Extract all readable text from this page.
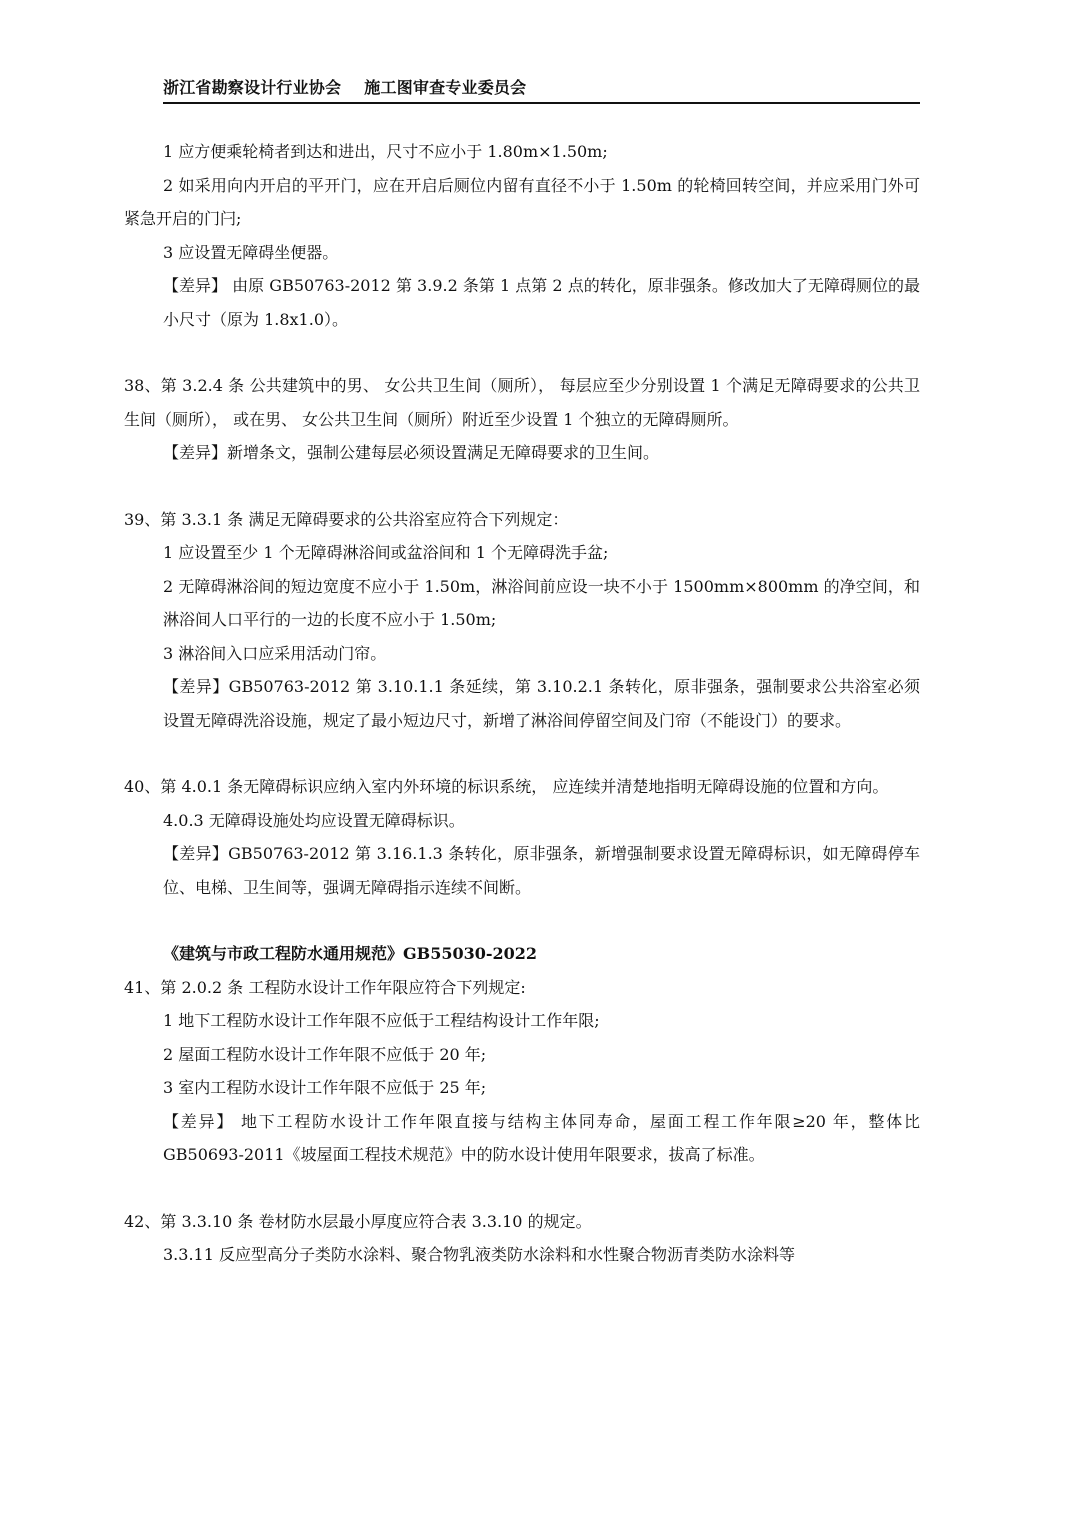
浙江省勘察设计行业协会 施工图审查专业委员会

1 应方便乘轮椅者到达和进出，尺寸不应小于 1.80m×1.50m;

2 如采用向内开启的平开门，应在开启后厕位内留有直径不小于 1.50m 的轮椅回转空间，并应采用门外可紧急开启的门闩;

3 应设置无障碍坐便器。

【差异】 由原 GB50763-2012 第 3.9.2 条第 1 点第 2 点的转化，原非强条。修改加大了无障碍厕位的最小尺寸（原为 1.8x1.0）。

38、第 3.2.4 条 公共建筑中的男、 女公共卫生间（厕所）， 每层应至少分别设置 1 个满足无障碍要求的公共卫生间（厕所）， 或在男、 女公共卫生间（厕所）附近至少设置 1 个独立的无障碍厕所。

【差异】新增条文，强制公建每层必须设置满足无障碍要求的卫生间。

39、第 3.3.1 条 满足无障碍要求的公共浴室应符合下列规定：

1 应设置至少 1 个无障碍淋浴间或盆浴间和 1 个无障碍洗手盆;

2 无障碍淋浴间的短边宽度不应小于 1.50m，淋浴间前应设一块不小于 1500mm×800mm 的净空间，和淋浴间人口平行的一边的长度不应小于 1.50m;

3 淋浴间入口应采用活动门帘。

【差异】GB50763-2012 第 3.10.1.1 条延续，第 3.10.2.1 条转化，原非强条，强制要求公共浴室必须设置无障碍洗浴设施，规定了最小短边尺寸，新增了淋浴间停留空间及门帘（不能设门）的要求。

40、第 4.0.1 条无障碍标识应纳入室内外环境的标识系统， 应连续并清楚地指明无障碍设施的位置和方向。

4.0.3 无障碍设施处均应设置无障碍标识。

【差异】GB50763-2012 第 3.16.1.3 条转化，原非强条，新增强制要求设置无障碍标识，如无障碍停车位、电梯、卫生间等，强调无障碍指示连续不间断。

《建筑与市政工程防水通用规范》GB55030-2022

41、第 2.0.2 条 工程防水设计工作年限应符合下列规定:

1 地下工程防水设计工作年限不应低于工程结构设计工作年限;

2 屋面工程防水设计工作年限不应低于 20 年;

3 室内工程防水设计工作年限不应低于 25 年;

【差异】 地下工程防水设计工作年限直接与结构主体同寿命，屋面工程工作年限≥20 年，整体比 GB50693-2011《坡屋面工程技术规范》中的防水设计使用年限要求，拔高了标准。

42、第 3.3.10 条 卷材防水层最小厚度应符合表 3.3.10 的规定。

3.3.11 反应型高分子类防水涂料、聚合物乳液类防水涂料和水性聚合物沥青类防水涂料等
